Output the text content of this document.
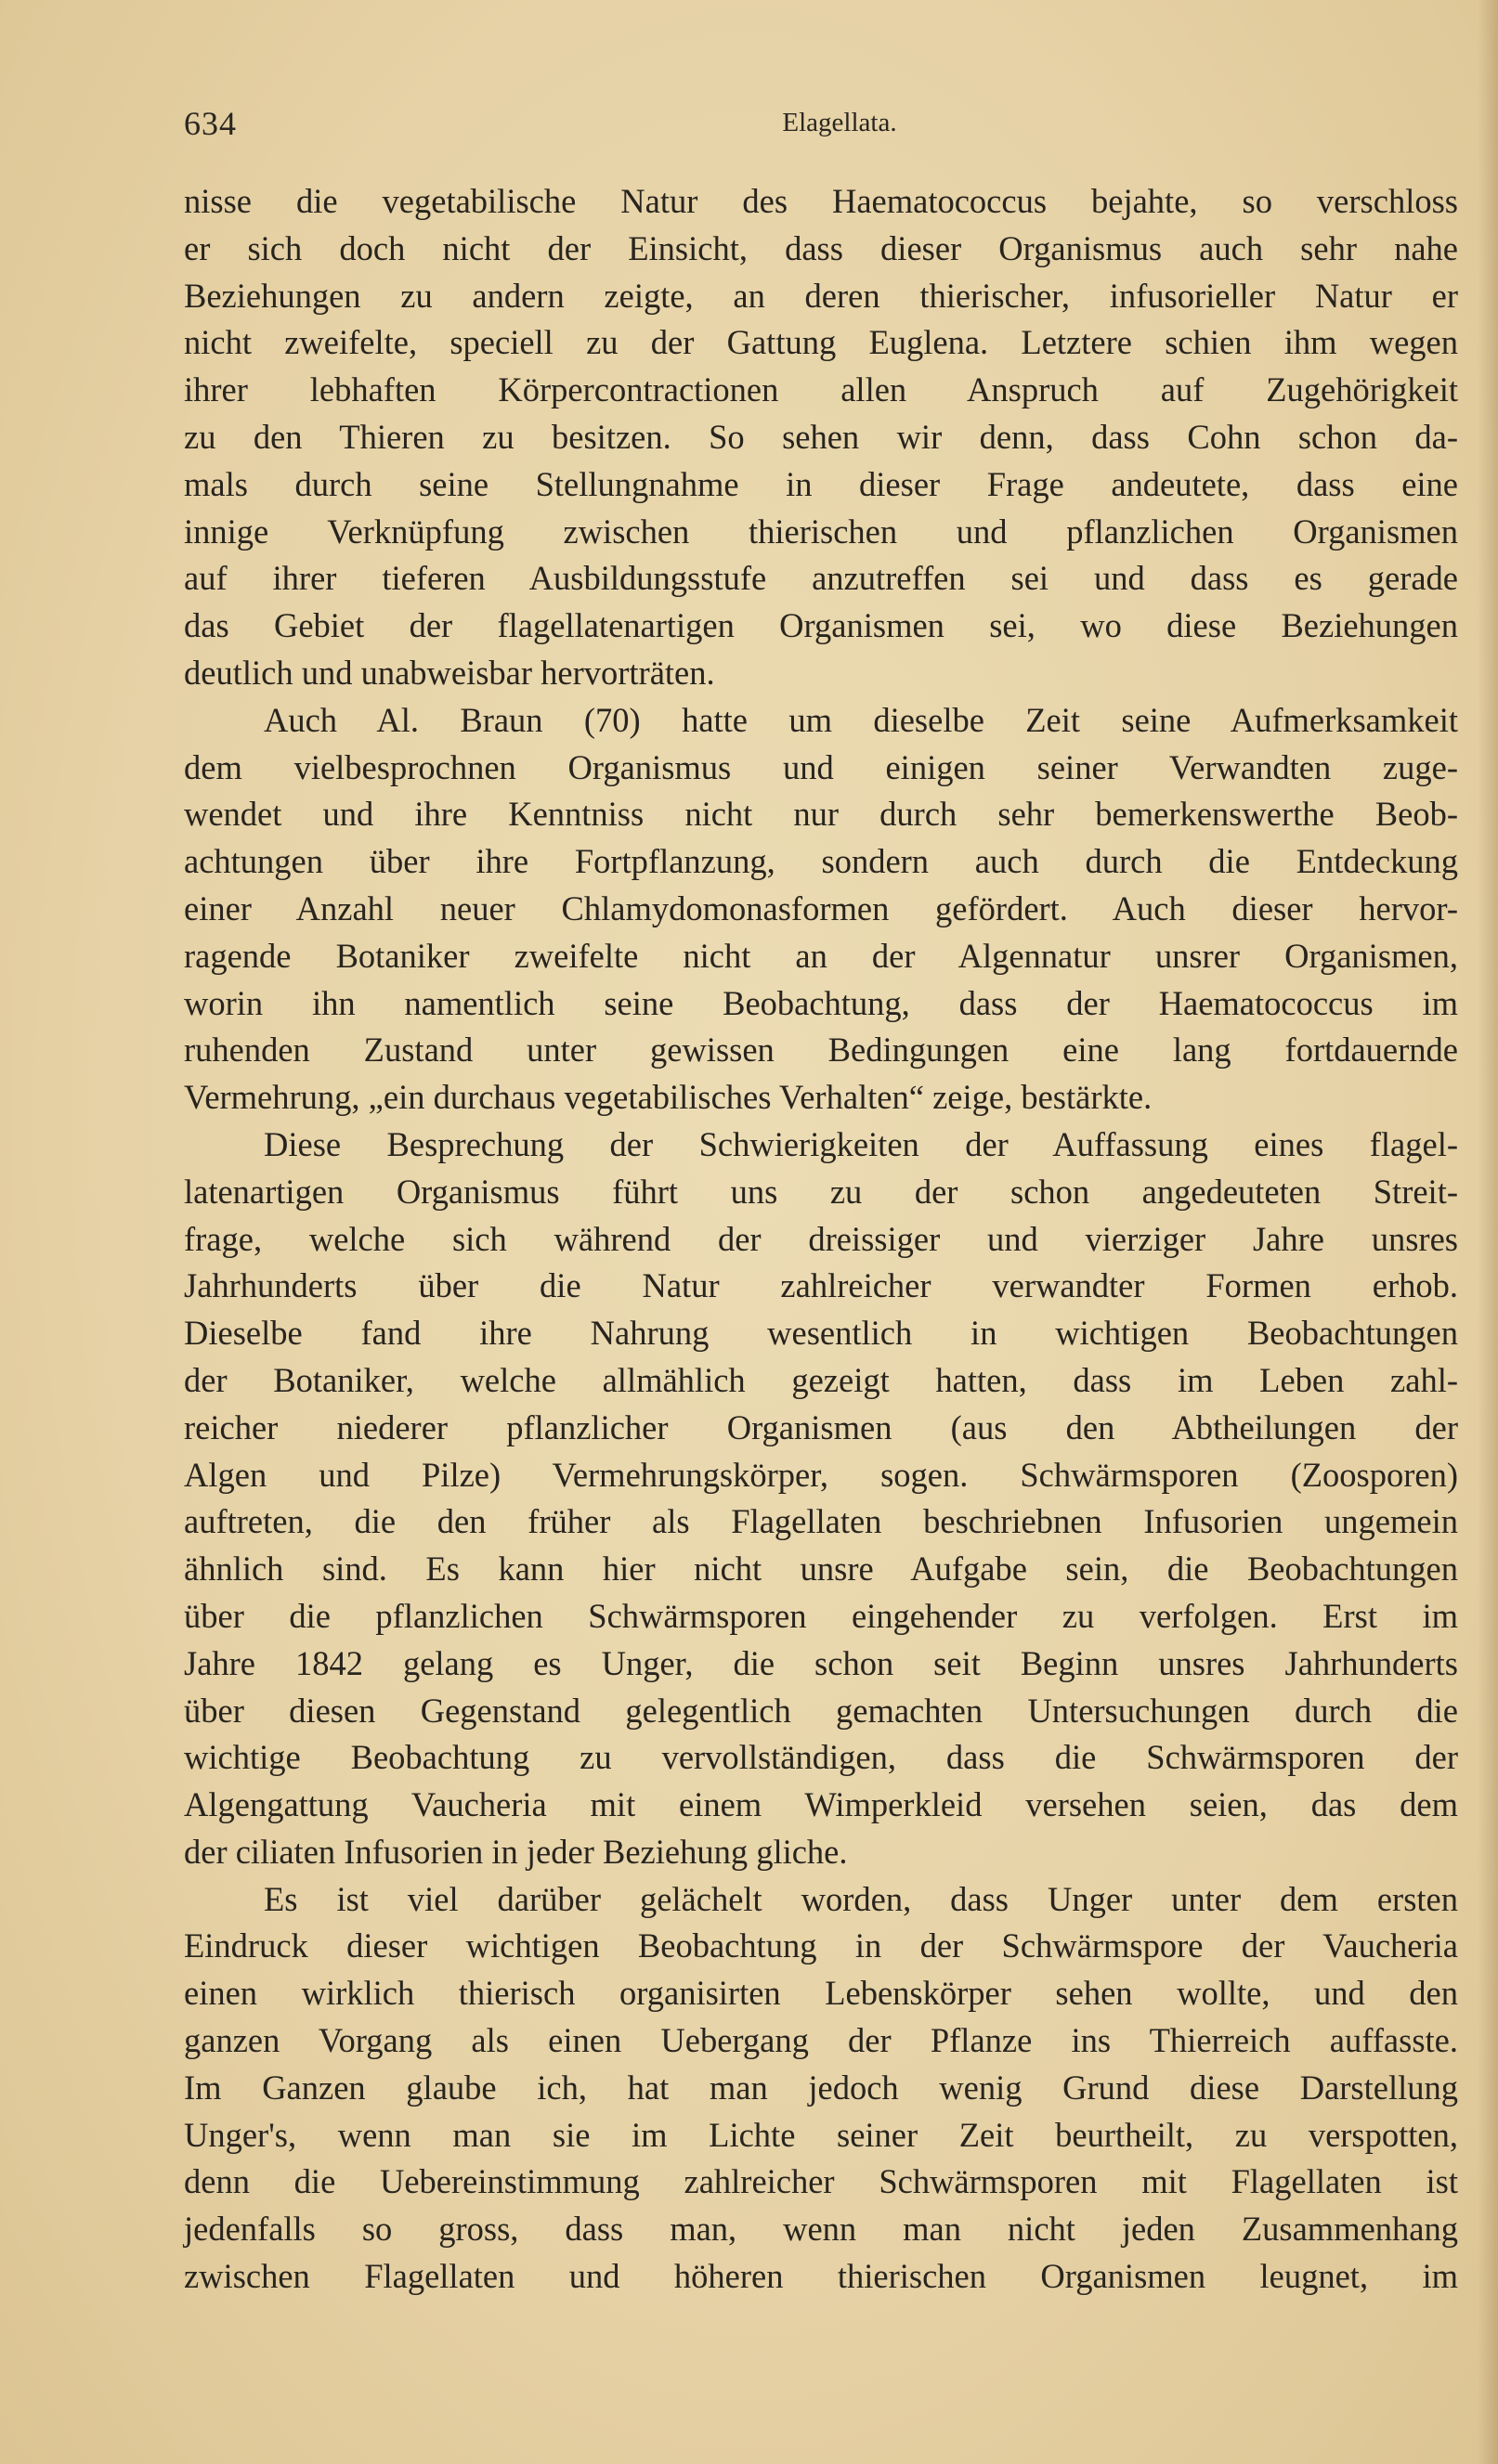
634	Elagellata.
nisse die vegetabilische Natur des Haematococcus bejahte, so verschloss
er sich doch nicht der Einsicht, dass dieser Organismus auch sehr nahe
Beziehungen zu andern zeigte, an deren thierischer, infusorieller Natur er
nicht zweifelte, speciell zu der Gattung Euglena. Letztere schien ihm wegen
ihrer lebhaften Körpercontractionen allen Anspruch auf Zugehörigkeit
zu den Thieren zu besitzen. So sehen wir denn, dass Cohn schon da-
mals durch seine Stellungnahme in dieser Frage andeutete, dass eine
innige Verknüpfung zwischen thierischen und pflanzlichen Organismen
auf ihrer tieferen Ausbildungsstufe anzutreffen sei und dass es gerade
das Gebiet der flagellatenartigen Organismen sei, wo diese Beziehungen
deutlich und unabweisbar hervorträten.
Auch Al. Braun (70) hatte um dieselbe Zeit seine Aufmerksamkeit
dem vielbesprochnen Organismus und einigen seiner Verwandten zuge-
wendet und ihre Kenntniss nicht nur durch sehr bemerkenswerthe Beob-
achtungen über ihre Fortpflanzung, sondern auch durch die Entdeckung
einer Anzahl neuer Chlamydomonasformen gefördert. Auch dieser hervor-
ragende Botaniker zweifelte nicht an der Algennatur unsrer Organismen,
worin ihn namentlich seine Beobachtung, dass der Haematococcus im
ruhenden Zustand unter gewissen Bedingungen eine lang fortdauernde
Vermehrung, „ein durchaus vegetabilisches Verhalten“ zeige, bestärkte.
Diese Besprechung der Schwierigkeiten der Auffassung eines flagel-
latenartigen Organismus führt uns zu der schon angedeuteten Streit-
frage, welche sich während der dreissiger und vierziger Jahre unsres
Jahrhunderts über die Natur zahlreicher verwandter Formen erhob.
Dieselbe fand ihre Nahrung wesentlich in wichtigen Beobachtungen
der Botaniker, welche allmählich gezeigt hatten, dass im Leben zahl-
reicher niederer pflanzlicher Organismen (aus den Abtheilungen der
Algen und Pilze) Vermehrungskörper, sogen. Schwärmsporen (Zoosporen)
auftreten, die den früher als Flagellaten beschriebnen Infusorien ungemein
ähnlich sind. Es kann hier nicht unsre Aufgabe sein, die Beobachtungen
über die pflanzlichen Schwärmsporen eingehender zu verfolgen. Erst im
Jahre 1842 gelang es Unger, die schon seit Beginn unsres Jahrhunderts
über diesen Gegenstand gelegentlich gemachten Untersuchungen durch die
wichtige Beobachtung zu vervollständigen, dass die Schwärmsporen der
Algengattung Vaucheria mit einem Wimperkleid versehen seien, das dem
der ciliaten Infusorien in jeder Beziehung gliche.
Es ist viel darüber gelächelt worden, dass Unger unter dem ersten
Eindruck dieser wichtigen Beobachtung in der Schwärmspore der Vaucheria
einen wirklich thierisch organisirten Lebenskörper sehen wollte, und den
ganzen Vorgang als einen Uebergang der Pflanze ins Thierreich auffasste.
Im Ganzen glaube ich, hat man jedoch wenig Grund diese Darstellung
Unger's, wenn man sie im Lichte seiner Zeit beurtheilt, zu verspotten,
denn die Uebereinstimmung zahlreicher Schwärmsporen mit Flagellaten ist
jedenfalls so gross, dass man, wenn man nicht jeden Zusammenhang
zwischen Flagellaten und höheren thierischen Organismen leugnet, im
